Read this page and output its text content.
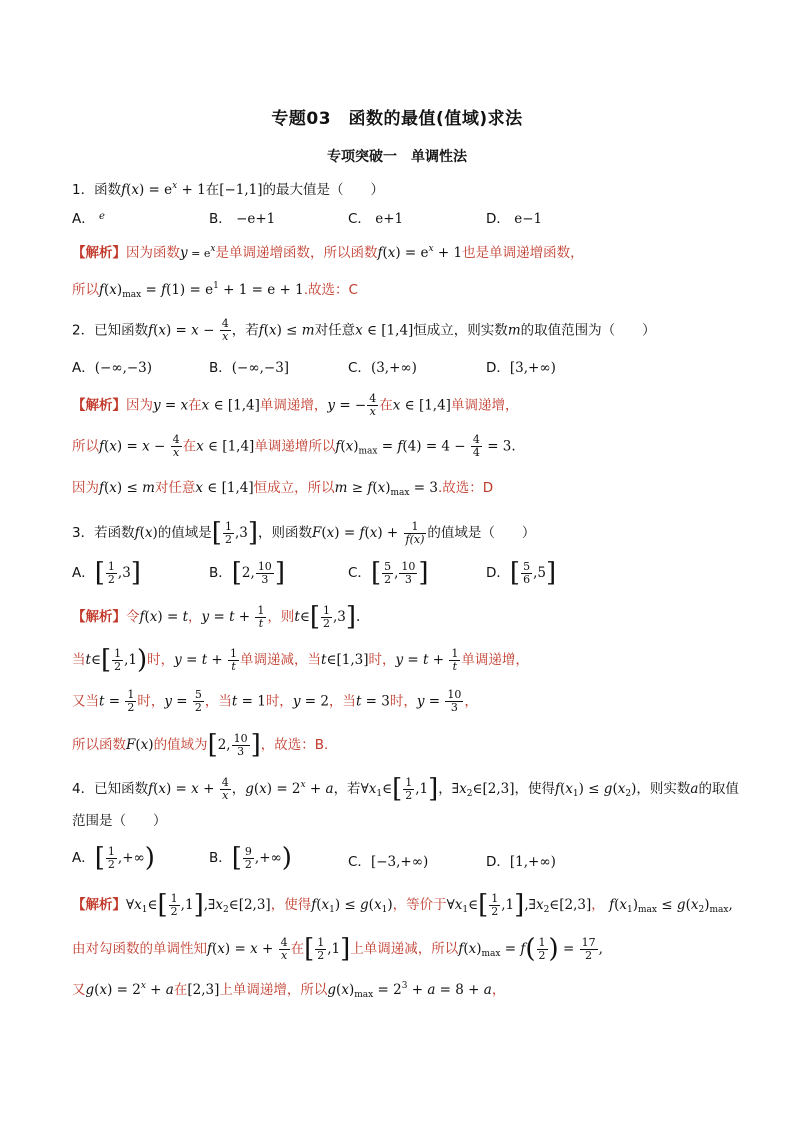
专题03　函数的最值(值域)求法
专项突破一　单调性法
1．函数$f(x) = e^x + 1$在[−1,1]的最大值是（　　）
A． $^e$	B． −e+1	C． e+1	D． e−1
【解析】因为函数$y = e^x$是单调递增函数，所以函数$f(x) = e^x + 1$也是单调递增函数，
所以$f(x)_{max} = f(1) = e^1 + 1 = e + 1$.故选：C
2．已知函数$f(x) = x - \frac{4}{x}$ ，若f(x) ≤ m对任意x ∈ [1,4]恒成立，则实数m的取值范围为（　　）
A．(−∞,−3)	B．(−∞,−3]	C．(3,+∞)	D．[3,+∞)
【解析】因为y = x在x ∈ [1,4]单调递增，y = − $\frac{4}{x}$ 在x ∈ [1,4]单调递增，
所以$f(x) = x - \frac{4}{x}$ 在x ∈ [1,4]单调递增所以$f(x)_{max} = f(4) = 4 - \frac{4}{4} = 3$.
因为f(x) ≤ m对任意x ∈ [1,4]恒成立，所以$m \ge f(x)_{max} = 3$.故选：D
3．若函数f(x)的值域是[ $\frac{1}{2} ,3$]，则函数$F(x) = f(x) + \frac{1}{f(x)}$ 的值域是（　　）
A．[ $\frac{1}{2} ,3$]	B．[2, $\frac{10}{3}$ ]	C．[ $\frac{5}{2}$ , $\frac{10}{3}$ ]	D．[ $\frac{5}{6} ,5$]
【解析】令f(x) = t，$y = t + \frac{1}{t}$ ，则t∈[ $\frac{1}{2} ,3$].
当t∈[ $\frac{1}{2} ,1$)时，$y = t + \frac{1}{t}$ 单调递减，当t∈[1,3]时，$y = t + \frac{1}{t}$ 单调递增，
又当$t = \frac{1}{2}$ 时，$y = \frac{5}{2}$ ，当t = 1时，y = 2，当t = 3时，$y = \frac{10}{3}$ ，
所以函数F(x)的值域为[2, $\frac{10}{3}$ ]，故选：B.
4．已知函数$f(x) = x + \frac{4}{x}$ ，$g(x) = 2^x + a$，若$\forall x_1\in[ \frac{1}{2} ,1]$，$\exists x_2\in[2,3]$，使得$f(x_1) \le g(x_2)$，则实数a的取值
范围是（　　）
A．[ $\frac{1}{2}$ ,+∞)	B．[ $\frac{9}{2}$ ,+∞)	C．[−3,+∞)	D．[1,+∞)
【解析】$\forall x_1\in[ \frac{1}{2}$ $,1],\exists x_2\in[2,3]$，使得$f(x_1) \le g(x_1)$，等价于$\forall x_1\in[ \frac{1}{2}$ $,1],\exists x_2\in[2,3]$， $f(x_1)_{max} \le g(x_2)_{max}$,
由对勾函数的单调性知$f(x) = x + \frac{4}{x}$ 在[ $\frac{1}{2} ,1$]上单调递减，所以$f(x)_{max} = f( \frac{1}{2}$ ) = $\frac{17}{2}$ ,
又$g(x) = 2^x + a$在[2,3]上单调递增，所以$g(x)_{max} = 2^3 + a = 8 + a$，
